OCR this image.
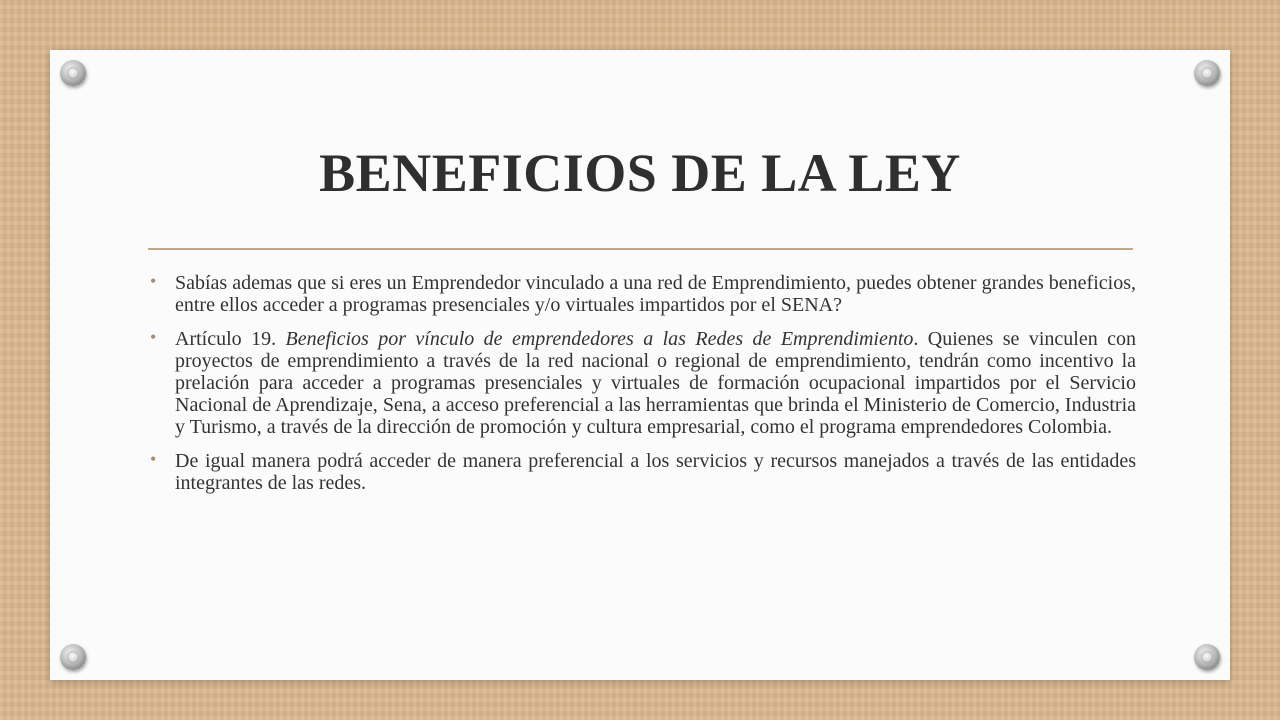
BENEFICIOS DE LA LEY
• Sabías ademas que si eres un Emprendedor vinculado a una red de Emprendimiento, puedes obtener grandes beneficios, entre ellos acceder a programas presenciales y/o virtuales impartidos por el SENA?
• Artículo 19. Beneficios por vínculo de emprendedores a las Redes de Emprendimiento. Quienes se vinculen con proyectos de emprendimiento a través de la red nacional o regional de emprendimiento, tendrán como incentivo la prelación para acceder a programas presenciales y virtuales de formación ocupacional impartidos por el Servicio Nacional de Aprendizaje, Sena, a acceso preferencial a las herramientas que brinda el Ministerio de Comercio, Industria y Turismo, a través de la dirección de promoción y cultura empresarial, como el programa emprendedores Colombia.
• De igual manera podrá acceder de manera preferencial a los servicios y recursos manejados a través de las entidades integrantes de las redes.
